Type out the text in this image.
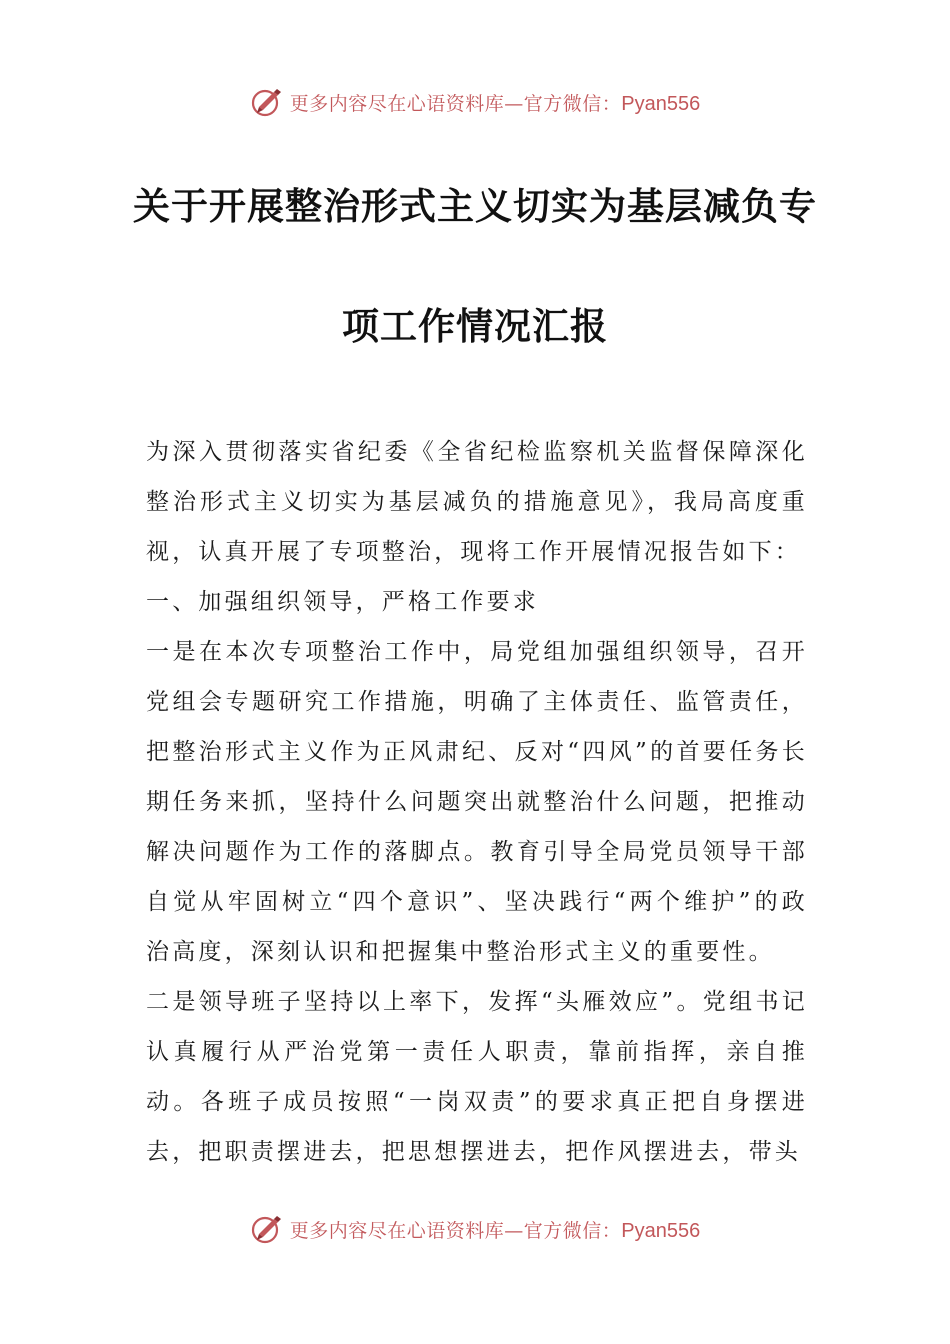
更多内容尽在心语资料库—官方微信：Pyan556
关于开展整治形式主义切实为基层减负专
项工作情况汇报

为深入贯彻落实省纪委《全省纪检监察机关监督保障深化整治形式主义切实为基层减负的措施意见》，我局高度重视，认真开展了专项整治，现将工作开展情况报告如下：

一、加强组织领导，严格工作要求

一是在本次专项整治工作中，局党组加强组织领导，召开党组会专题研究工作措施，明确了主体责任、监管责任，把整治形式主义作为正风肃纪、反对“四风”的首要任务长期任务来抓，坚持什么问题突出就整治什么问题，把推动解决问题作为工作的落脚点。教育引导全局党员领导干部自觉从牢固树立“四个意识”、坚决践行“两个维护”的政治高度，深刻认识和把握集中整治形式主义的重要性。

二是领导班子坚持以上率下，发挥“头雁效应”。党组书记认真履行从严治党第一责任人职责，靠前指挥，亲自推动。各班子成员按照“一岗双责”的要求真正把自身摆进去，把职责摆进去，把思想摆进去，把作风摆进去，带头

更多内容尽在心语资料库—官方微信：Pyan556
